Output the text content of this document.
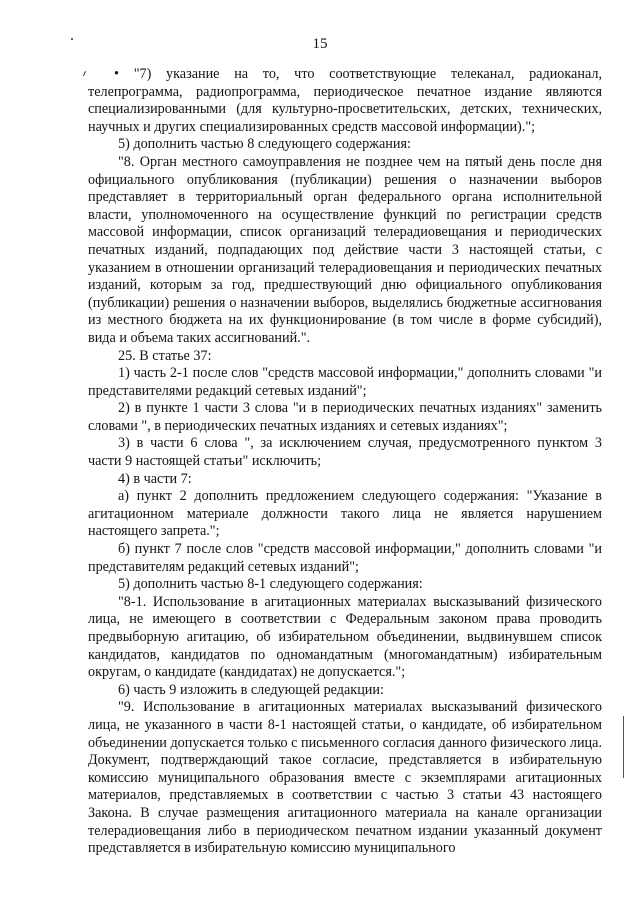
15

• "7) указание на то, что соответствующие телеканал, радиоканал, телепрограмма, радиопрограмма, периодическое печатное издание являются специализированными (для культурно-просветительских, детских, технических, научных и других специализированных средств массовой информации).";

5) дополнить частью 8 следующего содержания:

"8. Орган местного самоуправления не позднее чем на пятый день после дня официального опубликования (публикации) решения о назначении выборов представляет в территориальный орган федерального органа исполнительной власти, уполномоченного на осуществление функций по регистрации средств массовой информации, список организаций телерадиовещания и периодических печатных изданий, подпадающих под действие части 3 настоящей статьи, с указанием в отношении организаций телерадиовещания и периодических печатных изданий, которым за год, предшествующий дню официального опубликования (публикации) решения о назначении выборов, выделялись бюджетные ассигнования из местного бюджета на их функционирование (в том числе в форме субсидий), вида и объема таких ассигнований.".

25. В статье 37:

1) часть 2-1 после слов "средств массовой информации," дополнить словами "и представителями редакций сетевых изданий";

2) в пункте 1 части 3 слова "и в периодических печатных изданиях" заменить словами ", в периодических печатных изданиях и сетевых изданиях";

3) в части 6 слова ", за исключением случая, предусмотренного пунктом 3 части 9 настоящей статьи" исключить;

4) в части 7:

а) пункт 2 дополнить предложением следующего содержания: "Указание в агитационном материале должности такого лица не является нарушением настоящего запрета.";

б) пункт 7 после слов "средств массовой информации," дополнить словами "и представителям редакций сетевых изданий";

5) дополнить частью 8-1 следующего содержания:

"8-1. Использование в агитационных материалах высказываний физического лица, не имеющего в соответствии с Федеральным законом права проводить предвыборную агитацию, об избирательном объединении, выдвинувшем список кандидатов, кандидатов по одномандатным (многомандатным) избирательным округам, о кандидате (кандидатах) не допускается.";

6) часть 9 изложить в следующей редакции:

"9. Использование в агитационных материалах высказываний физического лица, не указанного в части 8-1 настоящей статьи, о кандидате, об избирательном объединении допускается только с письменного согласия данного физического лица. Документ, подтверждающий такое согласие, представляется в избирательную комиссию муниципального образования вместе с экземплярами агитационных материалов, представляемых в соответствии с частью 3 статьи 43 настоящего Закона. В случае размещения агитационного материала на канале организации телерадиовещания либо в периодическом печатном издании указанный документ представляется в избирательную комиссию муниципального
